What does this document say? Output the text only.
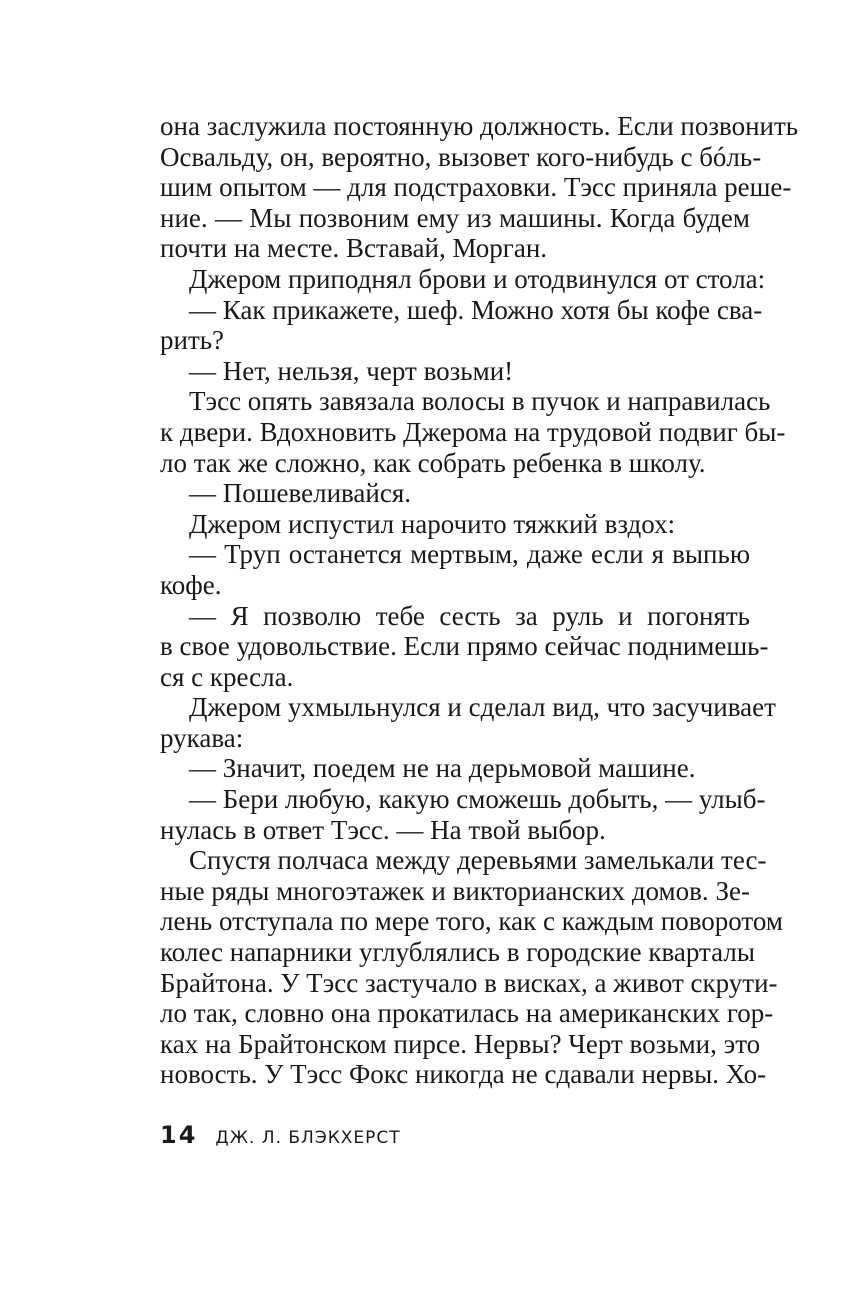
она заслужила постоянную должность. Если позвонить
Освальду, он, вероятно, вызовет кого-нибудь с бóль-
шим опытом — для подстраховки. Тэсс приняла реше-
ние. — Мы позвоним ему из машины. Когда будем
почти на месте. Вставай, Морган.
Джером приподнял брови и отодвинулся от стола:
— Как прикажете, шеф. Можно хотя бы кофе сва-
рить?
— Нет, нельзя, черт возьми!
Тэсс опять завязала волосы в пучок и направилась
к двери. Вдохновить Джерома на трудовой подвиг бы-
ло так же сложно, как собрать ребенка в школу.
— Пошевеливайся.
Джером испустил нарочито тяжкий вздох:
— Труп останется мертвым, даже если я выпью
кофе.
— Я позволю тебе сесть за руль и погонять
в свое удовольствие. Если прямо сейчас поднимешь-
ся с кресла.
Джером ухмыльнулся и сделал вид, что засучивает
рукава:
— Значит, поедем не на дерьмовой машине.
— Бери любую, какую сможешь добыть, — улыб-
нулась в ответ Тэсс. — На твой выбор.
Спустя полчаса между деревьями замелькали тес-
ные ряды многоэтажек и викторианских домов. Зе-
лень отступала по мере того, как с каждым поворотом
колес напарники углублялись в городские кварталы
Брайтона. У Тэсс застучало в висках, а живот скрути-
ло так, словно она прокатилась на американских гор-
ках на Брайтонском пирсе. Нервы? Черт возьми, это
новость. У Тэсс Фокс никогда не сдавали нервы. Хо-
14 ДЖ. Л. БЛЭКХЕРСТ
